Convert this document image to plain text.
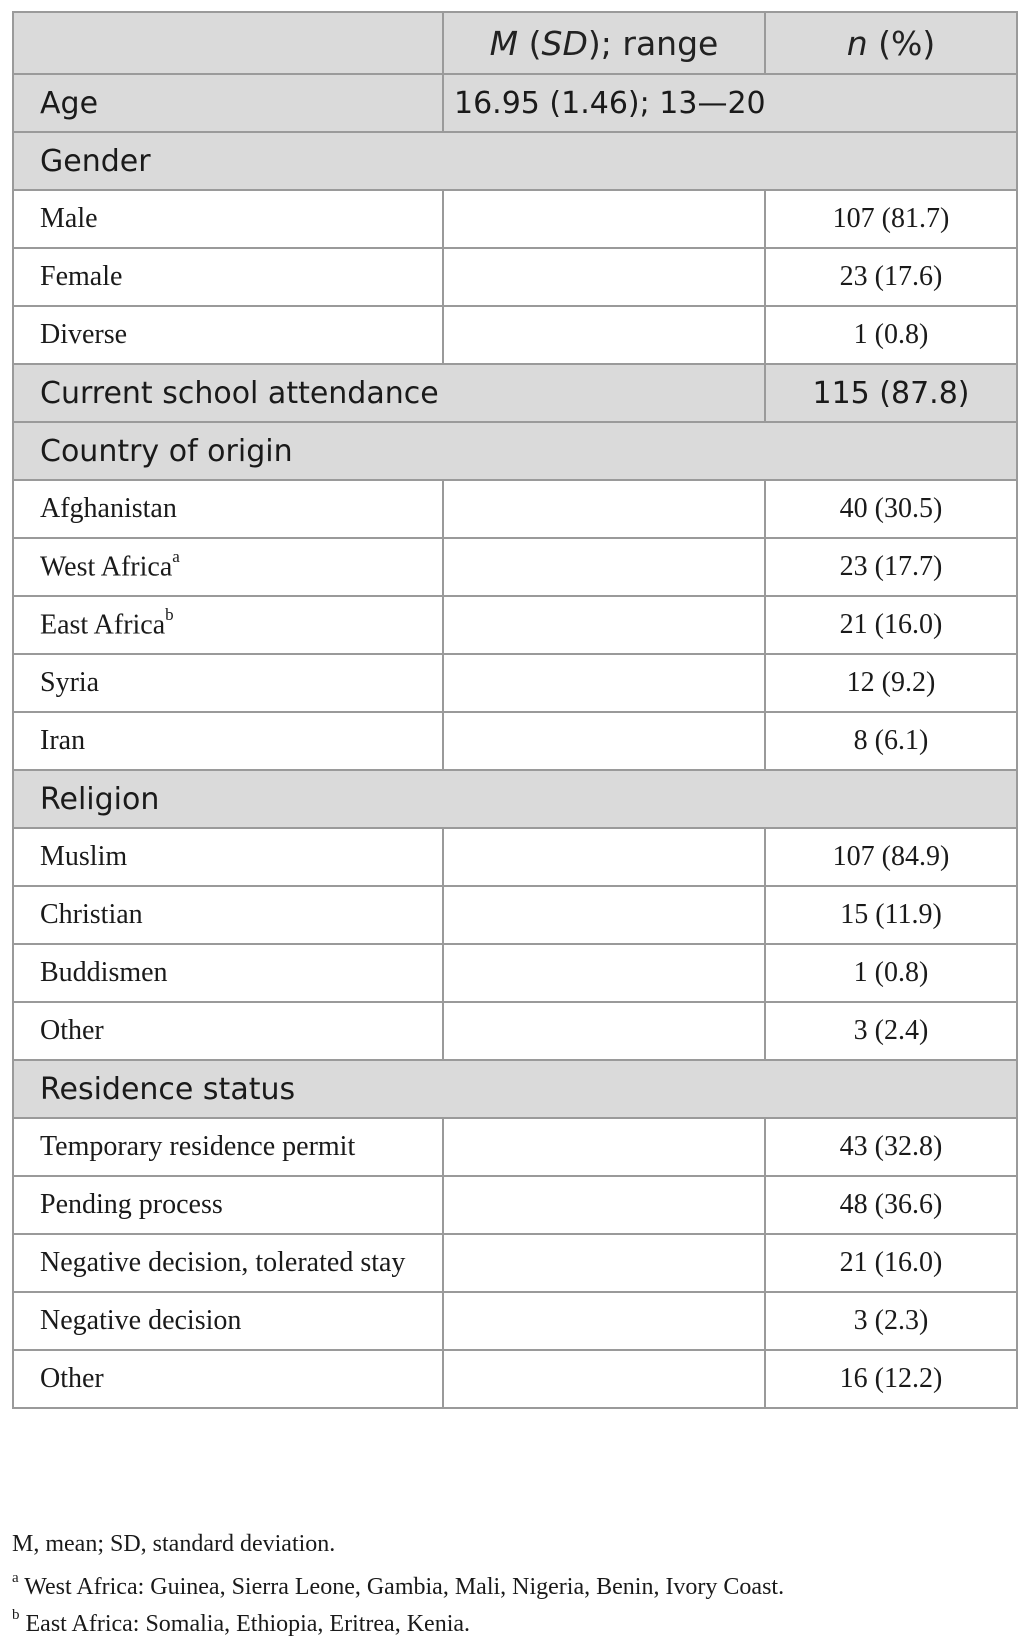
	M (SD); range	n (%)
Age	16.95 (1.46); 13—20	
Gender		
Male		107 (81.7)
Female		23 (17.6)
Diverse		1 (0.8)
Current school attendance		115 (87.8)
Country of origin		
Afghanistan		40 (30.5)
West Africa$^a$		23 (17.7)
East Africa$^b$		21 (16.0)
Syria		12 (9.2)
Iran		8 (6.1)
Religion		
Muslim		107 (84.9)
Christian		15 (11.9)
Buddismen		1 (0.8)
Other		3 (2.4)
Residence status		
Temporary residence permit		43 (32.8)
Pending process		48 (36.6)
Negative decision, tolerated stay		21 (16.0)
Negative decision		3 (2.3)
Other		16 (12.2)
M, mean; SD, standard deviation.
$^a$ West Africa: Guinea, Sierra Leone, Gambia, Mali, Nigeria, Benin, Ivory Coast.
$^b$ East Africa: Somalia, Ethiopia, Eritrea, Kenia.
